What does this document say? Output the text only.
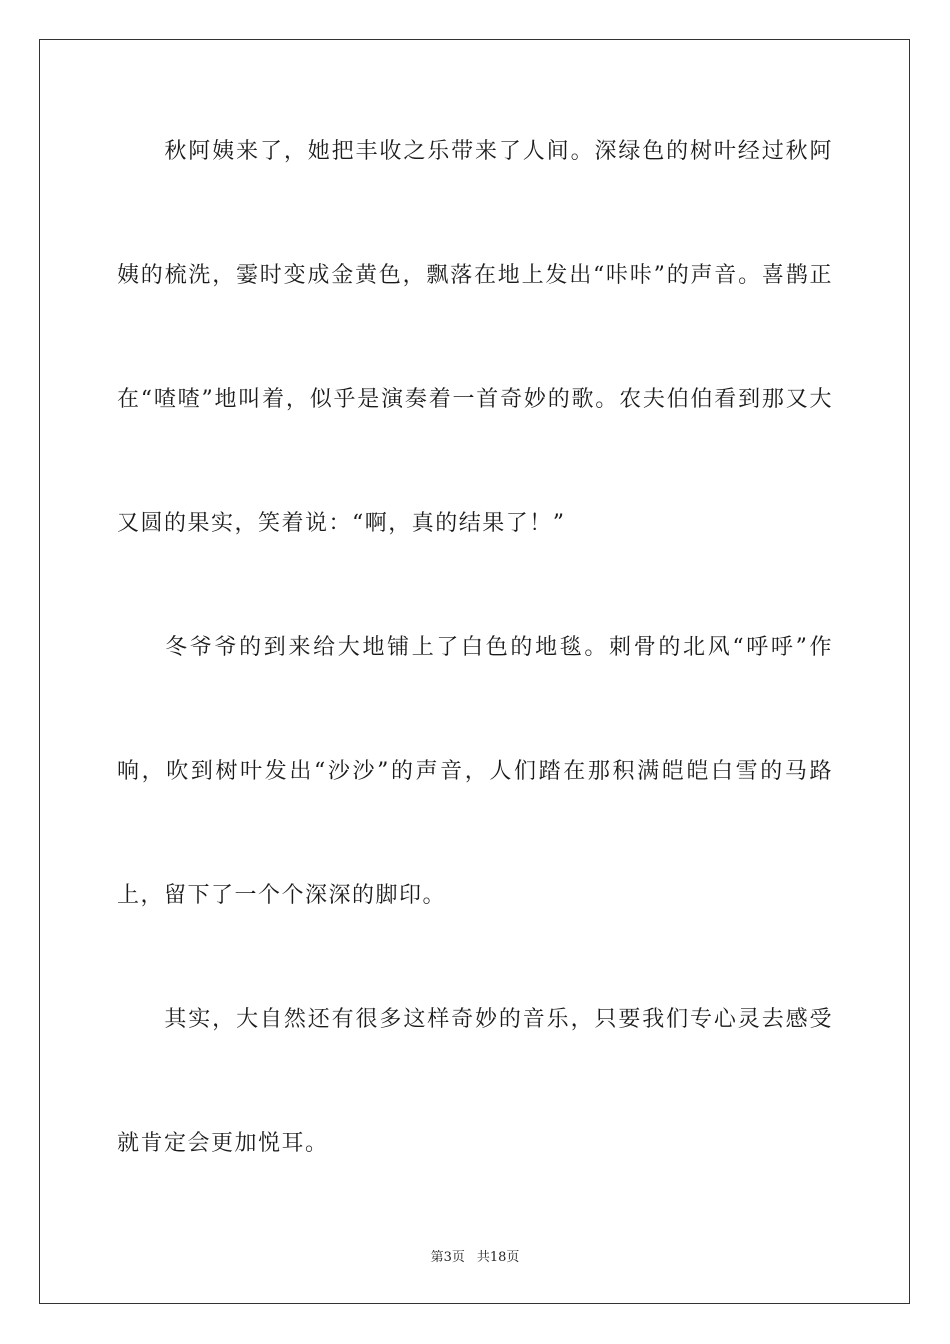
秋阿姨来了，她把丰收之乐带来了人间。深绿色的树叶经过秋阿姨的梳洗，霎时变成金黄色，飘落在地上发出“咔咔”的声音。喜鹊正在“喳喳”地叫着，似乎是演奏着一首奇妙的歌。农夫伯伯看到那又大又圆的果实，笑着说：“啊，真的结果了！”

冬爷爷的到来给大地铺上了白色的地毯。刺骨的北风“呼呼”作响，吹到树叶发出“沙沙”的声音，人们踏在那积满皑皑白雪的马路上，留下了一个个深深的脚印。

其实，大自然还有很多这样奇妙的音乐，只要我们专心灵去感受就肯定会更加悦耳。

第3页 共18页
